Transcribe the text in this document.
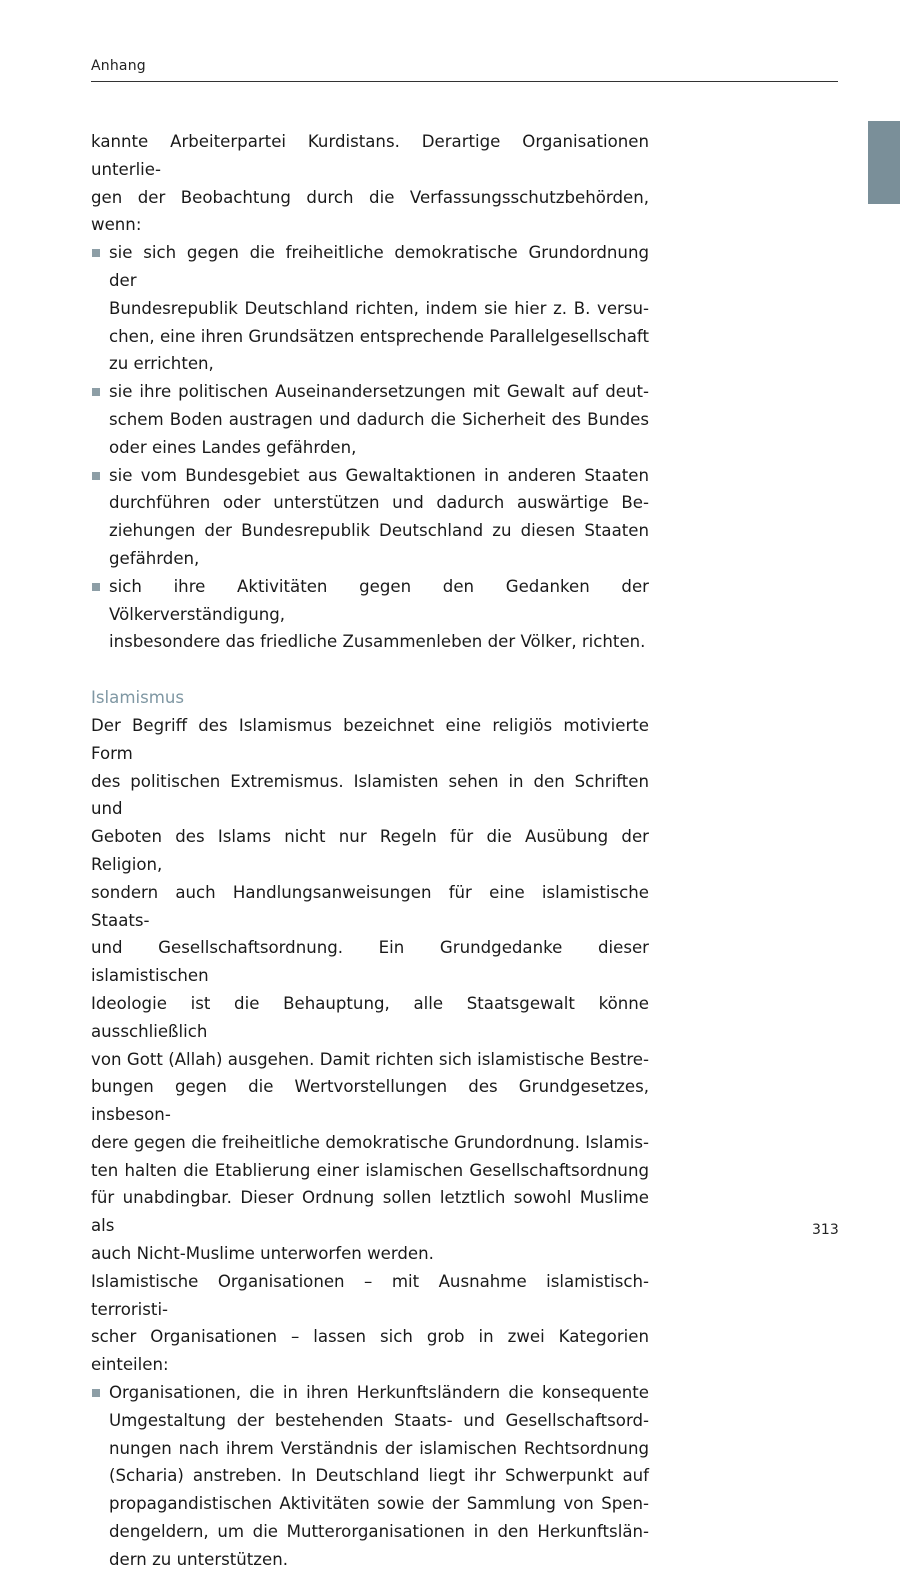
Anhang

kannte Arbeiterpartei Kurdistans. Derartige Organisationen unterlie-
gen der Beobachtung durch die Verfassungsschutzbehörden, wenn:

sie sich gegen die freiheitliche demokratische Grundordnung der
Bundesrepublik Deutschland richten, indem sie hier z. B. versu-
chen, eine ihren Grundsätzen entsprechende Parallelgesellschaft
zu errichten,
sie ihre politischen Auseinandersetzungen mit Gewalt auf deut-
schem Boden austragen und dadurch die Sicherheit des Bundes
oder eines Landes gefährden,
sie vom Bundesgebiet aus Gewaltaktionen in anderen Staaten
durchführen oder unterstützen und dadurch auswärtige Be-
ziehungen der Bundesrepublik Deutschland zu diesen Staaten
gefährden,
sich ihre Aktivitäten gegen den Gedanken der Völkerverständigung,
insbesondere das friedliche Zusammenleben der Völker, richten.
Islamismus

Der Begriff des Islamismus bezeichnet eine religiös motivierte Form
des politischen Extremismus. Islamisten sehen in den Schriften und
Geboten des Islams nicht nur Regeln für die Ausübung der Religion,
sondern auch Handlungsanweisungen für eine islamistische Staats-
und Gesellschaftsordnung. Ein Grundgedanke dieser islamistischen
Ideologie ist die Behauptung, alle Staatsgewalt könne ausschließlich
von Gott (Allah) ausgehen. Damit richten sich islamistische Bestre-
bungen gegen die Wertvorstellungen des Grundgesetzes, insbeson-
dere gegen die freiheitliche demokratische Grundordnung. Islamis-
ten halten die Etablierung einer islamischen Gesellschaftsordnung
für unabdingbar. Dieser Ordnung sollen letztlich sowohl Muslime als
auch Nicht-Muslime unterworfen werden.

Islamistische Organisationen – mit Ausnahme islamistisch-terroristi-
scher Organisationen – lassen sich grob in zwei Kategorien einteilen:

Organisationen, die in ihren Herkunftsländern die konsequente
Umgestaltung der bestehenden Staats- und Gesellschaftsord-
nungen nach ihrem Verständnis der islamischen Rechtsordnung
(Scharia) anstreben. In Deutschland liegt ihr Schwerpunkt auf
propagandistischen Aktivitäten sowie der Sammlung von Spen-
dengeldern, um die Mutterorganisationen in den Herkunftslän-
dern zu unterstützen.
313
